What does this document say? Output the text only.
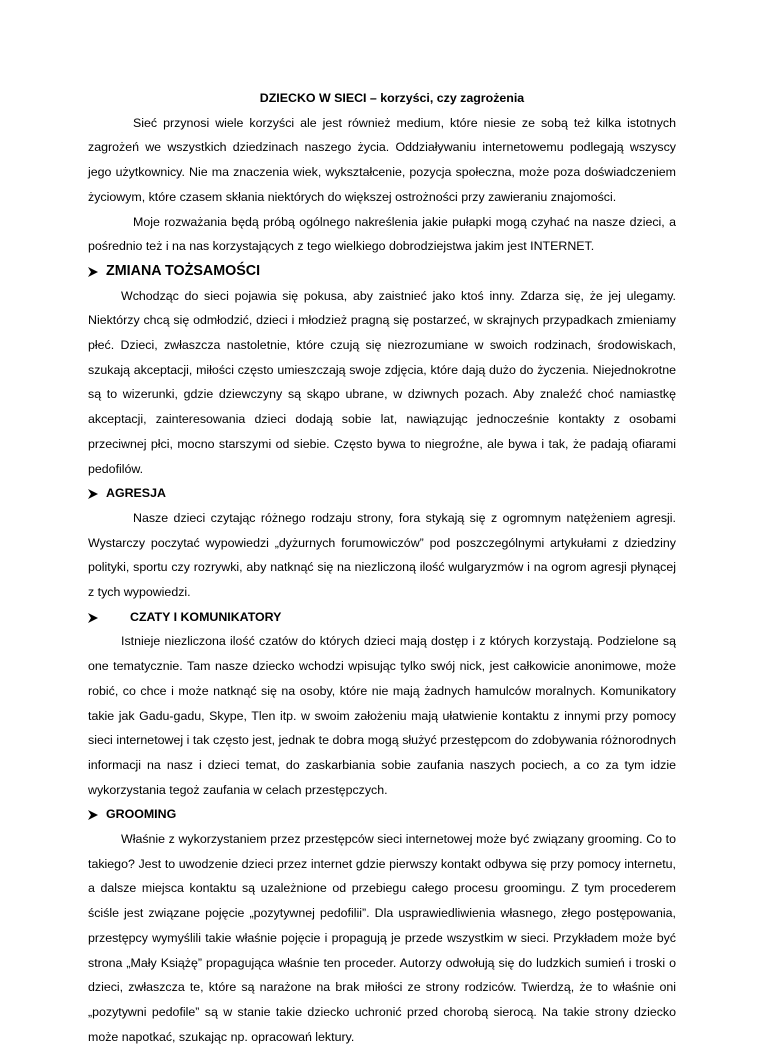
DZIECKO W SIECI – korzyści, czy zagrożenia

Sieć przynosi wiele korzyści ale jest również medium, które niesie ze sobą też kilka istotnych zagrożeń we wszystkich dziedzinach naszego życia. Oddziaływaniu internetowemu podlegają wszyscy jego użytkownicy. Nie ma znaczenia wiek, wykształcenie, pozycja społeczna, może poza doświadczeniem życiowym, które czasem skłania niektórych do większej ostrożności przy zawieraniu znajomości.

Moje rozważania będą próbą ogólnego nakreślenia jakie pułapki mogą czyhać na nasze dzieci, a pośrednio też i na nas korzystających z tego wielkiego dobrodziejstwa jakim jest INTERNET.

ZMIANA TOŻSAMOŚCI

Wchodząc do sieci pojawia się pokusa, aby zaistnieć jako ktoś inny. Zdarza się, że jej ulegamy. Niektórzy chcą się odmłodzić, dzieci i młodzież pragną się postarzeć, w skrajnych przypadkach zmieniamy płeć. Dzieci, zwłaszcza nastoletnie, które czują się niezrozumiane w swoich rodzinach, środowiskach, szukają akceptacji, miłości często umieszczają swoje zdjęcia, które dają dużo do życzenia. Niejednokrotne są to wizerunki, gdzie dziewczyny są skąpo ubrane, w dziwnych pozach. Aby znaleźć choć namiastkę akceptacji, zainteresowania dzieci dodają sobie lat, nawiązując jednocześnie kontakty z osobami przeciwnej płci, mocno starszymi od siebie. Często bywa to niegroźne, ale bywa i tak, że padają ofiarami pedofilów.

AGRESJA

Nasze dzieci czytając różnego rodzaju strony, fora stykają się z ogromnym natężeniem agresji. Wystarczy poczytać wypowiedzi „dyżurnych forumowiczów” pod poszczególnymi artykułami z dziedziny polityki, sportu czy rozrywki, aby natknąć się na niezliczoną ilość wulgaryzmów i na ogrom agresji płynącej z tych wypowiedzi.

CZATY I KOMUNIKATORY

Istnieje niezliczona ilość czatów do których dzieci mają dostęp i z których korzystają. Podzielone są one tematycznie. Tam nasze dziecko wchodzi wpisując tylko swój nick, jest całkowicie anonimowe, może robić, co chce i może natknąć się na osoby, które nie mają żadnych hamulców moralnych. Komunikatory takie jak Gadu-gadu, Skype, Tlen itp. w swoim założeniu mają ułatwienie kontaktu z innymi przy pomocy sieci internetowej i tak często jest, jednak te dobra mogą służyć przestępcom do zdobywania różnorodnych informacji na nasz i dzieci temat, do zaskarbiania sobie zaufania naszych pociech, a co za tym idzie wykorzystania tegoż zaufania w celach przestępczych.

GROOMING

Właśnie z wykorzystaniem przez przestępców sieci internetowej może być związany grooming. Co to takiego? Jest to uwodzenie dzieci przez internet gdzie pierwszy kontakt odbywa się przy pomocy internetu, a dalsze miejsca kontaktu są uzależnione od przebiegu całego procesu groomingu. Z tym procederem ściśle jest związane pojęcie „pozytywnej pedofilii”. Dla usprawiedliwienia własnego, złego postępowania, przestępcy wymyślili takie właśnie pojęcie i propagują je przede wszystkim w sieci. Przykładem może być strona „Mały Książę” propagująca właśnie ten proceder. Autorzy odwołują się do ludzkich sumień i troski o dzieci, zwłaszcza te, które są narażone na brak miłości ze strony rodziców. Twierdzą, że to właśnie oni „pozytywni pedofile” są w stanie takie dziecko uchronić przed chorobą sierocą. Na takie strony dziecko może napotkać, szukając np. opracowań lektury.
